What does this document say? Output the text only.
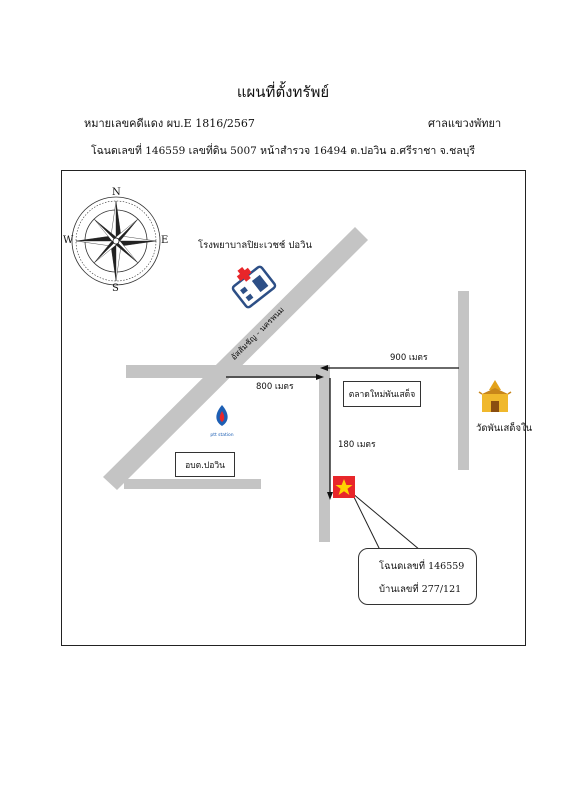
แผนที่ตั้งทรัพย์
หมายเลขคดีแดง ผบ.E 1816/2567	ศาลแขวงพัทยา
โฉนดเลขที่ 146559 เลขที่ดิน 5007 หน้าสำรวจ 16494 ต.ปอวิน อ.ศรีราชา จ.ชลบุรี
ptt station
N
S
E
W	โรงพยาบาลปิยะเวชช์ ปอวิน
อัสสัมชัญ - นครพนม	900 เมตร
800 เมตร
180 เมตร
ตลาดใหม่พันเสด็จ
วัดพันเสด็จใน
อบต.ปอวิน
โฉนดเลขที่ 146559
บ้านเลขที่ 277/121
